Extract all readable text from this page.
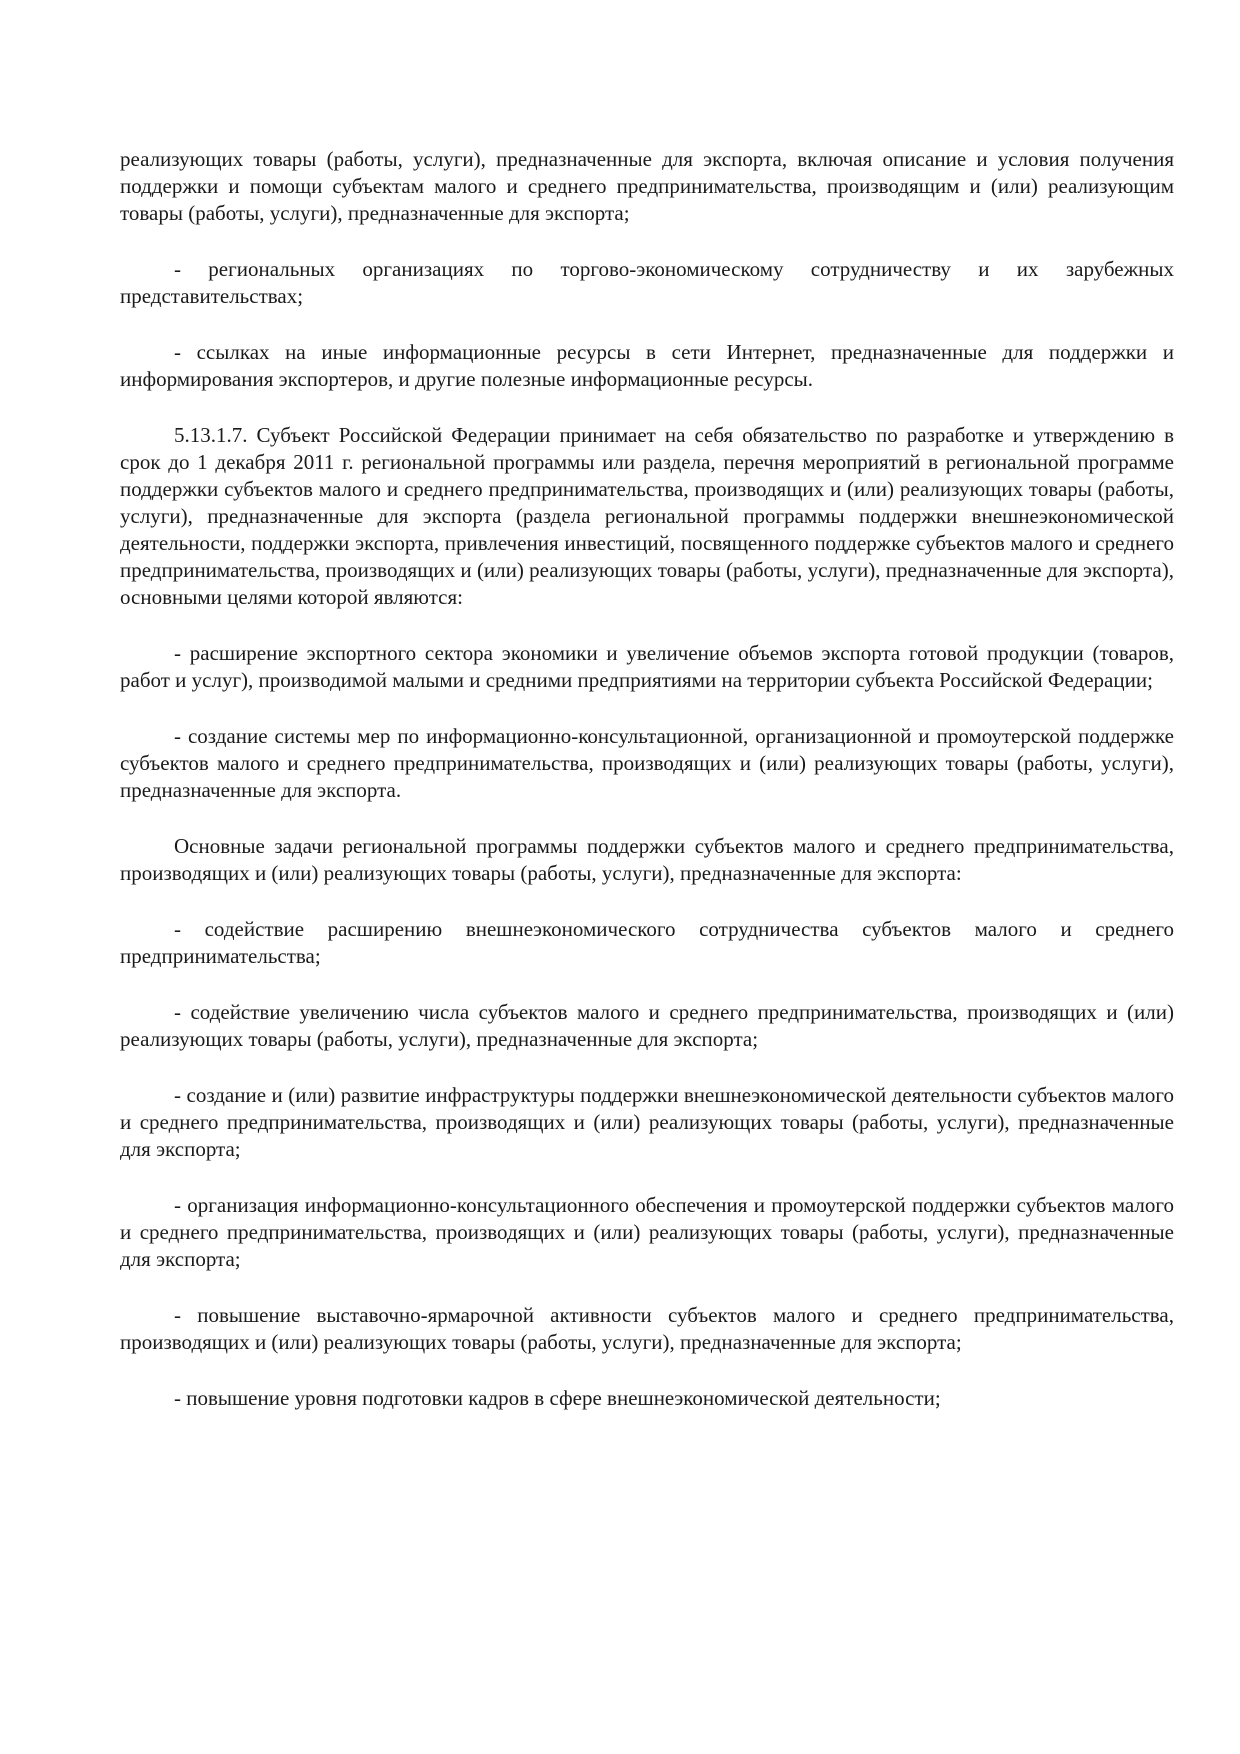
реализующих товары (работы, услуги), предназначенные для экспорта, включая описание и условия получения поддержки и помощи субъектам малого и среднего предпринимательства, производящим и (или) реализующим товары (работы, услуги), предназначенные для экспорта;

- региональных организациях по торгово-экономическому сотрудничеству и их зарубежных представительствах;

- ссылках на иные информационные ресурсы в сети Интернет, предназначенные для поддержки и информирования экспортеров, и другие полезные информационные ресурсы.

5.13.1.7. Субъект Российской Федерации принимает на себя обязательство по разработке и утверждению в срок до 1 декабря 2011 г. региональной программы или раздела, перечня мероприятий в региональной программе поддержки субъектов малого и среднего предпринимательства, производящих и (или) реализующих товары (работы, услуги), предназначенные для экспорта (раздела региональной программы поддержки внешнеэкономической деятельности, поддержки экспорта, привлечения инвестиций, посвященного поддержке субъектов малого и среднего предпринимательства, производящих и (или) реализующих товары (работы, услуги), предназначенные для экспорта), основными целями которой являются:

- расширение экспортного сектора экономики и увеличение объемов экспорта готовой продукции (товаров, работ и услуг), производимой малыми и средними предприятиями на территории субъекта Российской Федерации;

- создание системы мер по информационно-консультационной, организационной и промоутерской поддержке субъектов малого и среднего предпринимательства, производящих и (или) реализующих товары (работы, услуги), предназначенные для экспорта.

Основные задачи региональной программы поддержки субъектов малого и среднего предпринимательства, производящих и (или) реализующих товары (работы, услуги), предназначенные для экспорта:

- содействие расширению внешнеэкономического сотрудничества субъектов малого и среднего предпринимательства;

- содействие увеличению числа субъектов малого и среднего предпринимательства, производящих и (или) реализующих товары (работы, услуги), предназначенные для экспорта;

- создание и (или) развитие инфраструктуры поддержки внешнеэкономической деятельности субъектов малого и среднего предпринимательства, производящих и (или) реализующих товары (работы, услуги), предназначенные для экспорта;

- организация информационно-консультационного обеспечения и промоутерской поддержки субъектов малого и среднего предпринимательства, производящих и (или) реализующих товары (работы, услуги), предназначенные для экспорта;

- повышение выставочно-ярмарочной активности субъектов малого и среднего предпринимательства, производящих и (или) реализующих товары (работы, услуги), предназначенные для экспорта;

- повышение уровня подготовки кадров в сфере внешнеэкономической деятельности;
